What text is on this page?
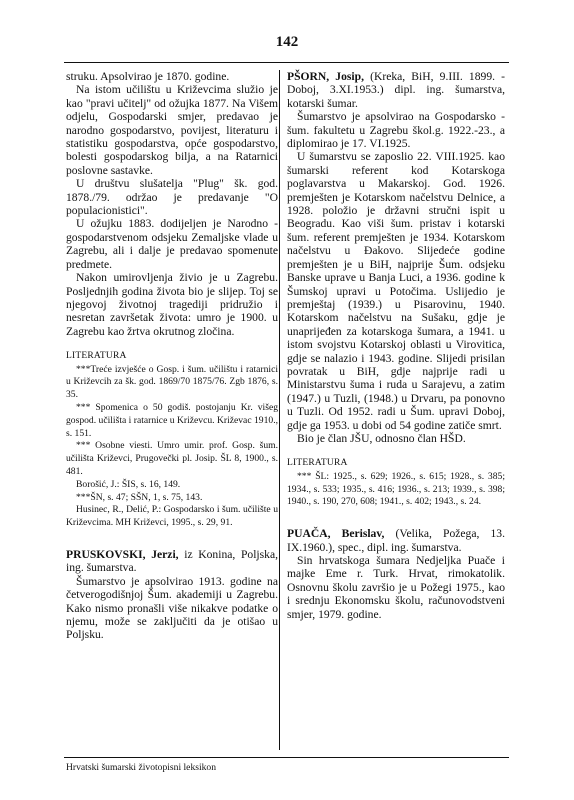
142

struku. Apsolvirao je 1870. godine.

Na istom učilištu u Križevcima služio je kao "pravi učitelj" od ožujka 1877. Na Višem odjelu, Gospodarski smjer, predavao je narodno gospodarstvo, povijest, literaturu i statistiku gospodarstva, opće gospodarstvo, bolesti gospodarskog bilja, a na Ratarnici poslovne sastavke.

U društvu slušatelja "Plug" šk. god. 1878./79. održao je predavanje "O populacionistici".

U ožujku 1883. dodijeljen je Narodno - gospodarstvenom odsjeku Zemaljske vlade u Zagrebu, ali i dalje je predavao spomenute predmete.

Nakon umirovljenja živio je u Zagrebu. Posljednjih godina života bio je slijep. Toj se njegovoj životnoj tragediji pridružio i nesretan završetak života: umro je 1900. u Zagrebu kao žrtva okrutnog zločina.

LITERATURA

***Treće izvješće o Gosp. i šum. učilištu i ratarnici u Križevcih za šk. god. 1869/70 1875/76. Zgb 1876, s. 35.

*** Spomenica o 50 godiš. postojanju Kr. višeg gospod. učilišta i ratarnice u Križevcu. Križevac 1910., s. 151.

*** Osobne viesti. Umro umir. prof. Gosp. šum. učilišta Križevci, Prugovečki pl. Josip. ŠL 8, 1900., s. 481.

Borošić, J.: ŠIS, s. 16, 149.

***ŠN, s. 47; SŠN, 1, s. 75, 143.

Husinec, R., Delić, P.: Gospodarsko i šum. učilište u Križevcima. MH Križevci, 1995., s. 29, 91.

PRUSKOVSKI, Jerzi, iz Konina, Poljska, ing. šumarstva.

Šumarstvo je apsolvirao 1913. godine na četverogodišnjoj Šum. akademiji u Zagrebu. Kako nismo pronašli više nikakve podatke o njemu, može se zaključiti da je otišao u Poljsku.

PŠORN, Josip, (Kreka, BiH, 9.III. 1899. - Doboj, 3.XI.1953.) dipl. ing. šumarstva, kotarski šumar.

Šumarstvo je apsolvirao na Gospodarsko - šum. fakultetu u Zagrebu škol.g. 1922.-23., a diplomirao je 17. VI.1925.

U šumarstvu se zaposlio 22. VIII.1925. kao šumarski referent kod Kotarskoga poglavarstva u Makarskoj. God. 1926. premješten je Kotarskom načelstvu Delnice, a 1928. položio je državni stručni ispit u Beogradu. Kao viši šum. pristav i kotarski šum. referent premješten je 1934. Kotarskom načelstvu u Đakovo. Slijedeće godine premješten je u BiH, najprije Šum. odsjeku Banske uprave u Banja Luci, a 1936. godine k Šumskoj upravi u Potočima. Uslijedio je premještaj (1939.) u Pisarovinu, 1940. Kotarskom načelstvu na Sušaku, gdje je unaprijeđen za kotarskoga šumara, a 1941. u istom svojstvu Kotarskoj oblasti u Virovitica, gdje se nalazio i 1943. godine. Slijedi prisilan povratak u BiH, gdje najprije radi u Ministarstvu šuma i ruda u Sarajevu, a zatim (1947.) u Tuzli, (1948.) u Drvaru, pa ponovno u Tuzli. Od 1952. radi u Šum. upravi Doboj, gdje ga 1953. u dobi od 54 godine zatiče smrt.

Bio je član JŠU, odnosno član HŠD.

LITERATURA

*** ŠL: 1925., s. 629; 1926., s. 615; 1928., s. 385; 1934., s. 533; 1935., s. 416; 1936., s. 213; 1939., s. 398; 1940., s. 190, 270, 608; 1941., s. 402; 1943., s. 24.

PUAČA, Berislav, (Velika, Požega, 13. IX.1960.), spec., dipl. ing. šumarstva.

Sin hrvatskoga šumara Nedjeljka Puače i majke Eme r. Turk. Hrvat, rimokatolik. Osnovnu školu završio je u Požegi 1975., kao i srednju Ekonomsku školu, računovodstveni smjer, 1979. godine.

Hrvatski šumarski životopisni leksikon
